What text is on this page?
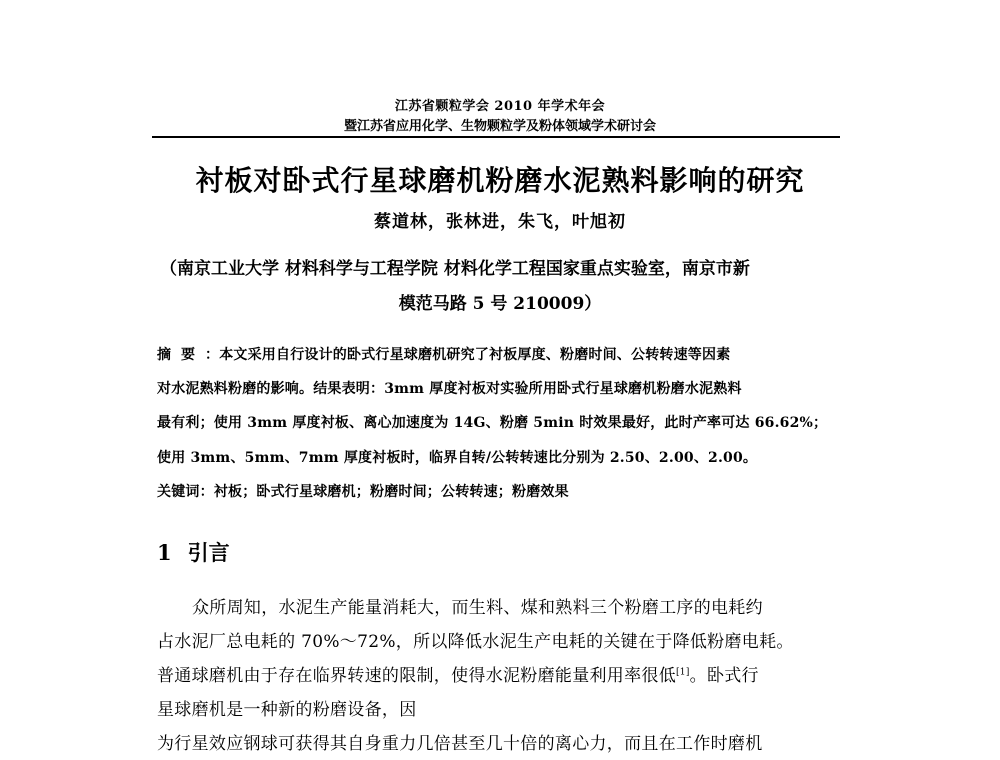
江苏省颗粒学会 2010 年学术年会
暨江苏省应用化学、生物颗粒学及粉体领域学术研讨会
衬板对卧式行星球磨机粉磨水泥熟料影响的研究
蔡道林，张林进，朱飞，叶旭初
（南京工业大学 材料科学与工程学院 材料化学工程国家重点实验室，南京市新
模范马路 5 号 210009）
摘要：本文采用自行设计的卧式行星球磨机研究了衬板厚度、粉磨时间、公转转速等因素
对水泥熟料粉磨的影响。结果表明：3mm 厚度衬板对实验所用卧式行星球磨机粉磨水泥熟料
最有利；使用 3mm 厚度衬板、离心加速度为 14G、粉磨 5min 时效果最好，此时产率可达 66.62%；
使用 3mm、5mm、7mm 厚度衬板时，临界自转/公转转速比分别为 2.50、2.00、2.00。
关键词：衬板；卧式行星球磨机；粉磨时间；公转转速；粉磨效果
1 引言
众所周知，水泥生产能量消耗大，而生料、煤和熟料三个粉磨工序的电耗约
占水泥厂总电耗的 70%～72%，所以降低水泥生产电耗的关键在于降低粉磨电耗。
普通球磨机由于存在临界转速的限制，使得水泥粉磨能量利用率很低[1]。卧式行
星球磨机是一种新的粉磨设备，因
为行星效应钢球可获得其自身重力几倍甚至几十倍的离心力，而且在工作时磨机
